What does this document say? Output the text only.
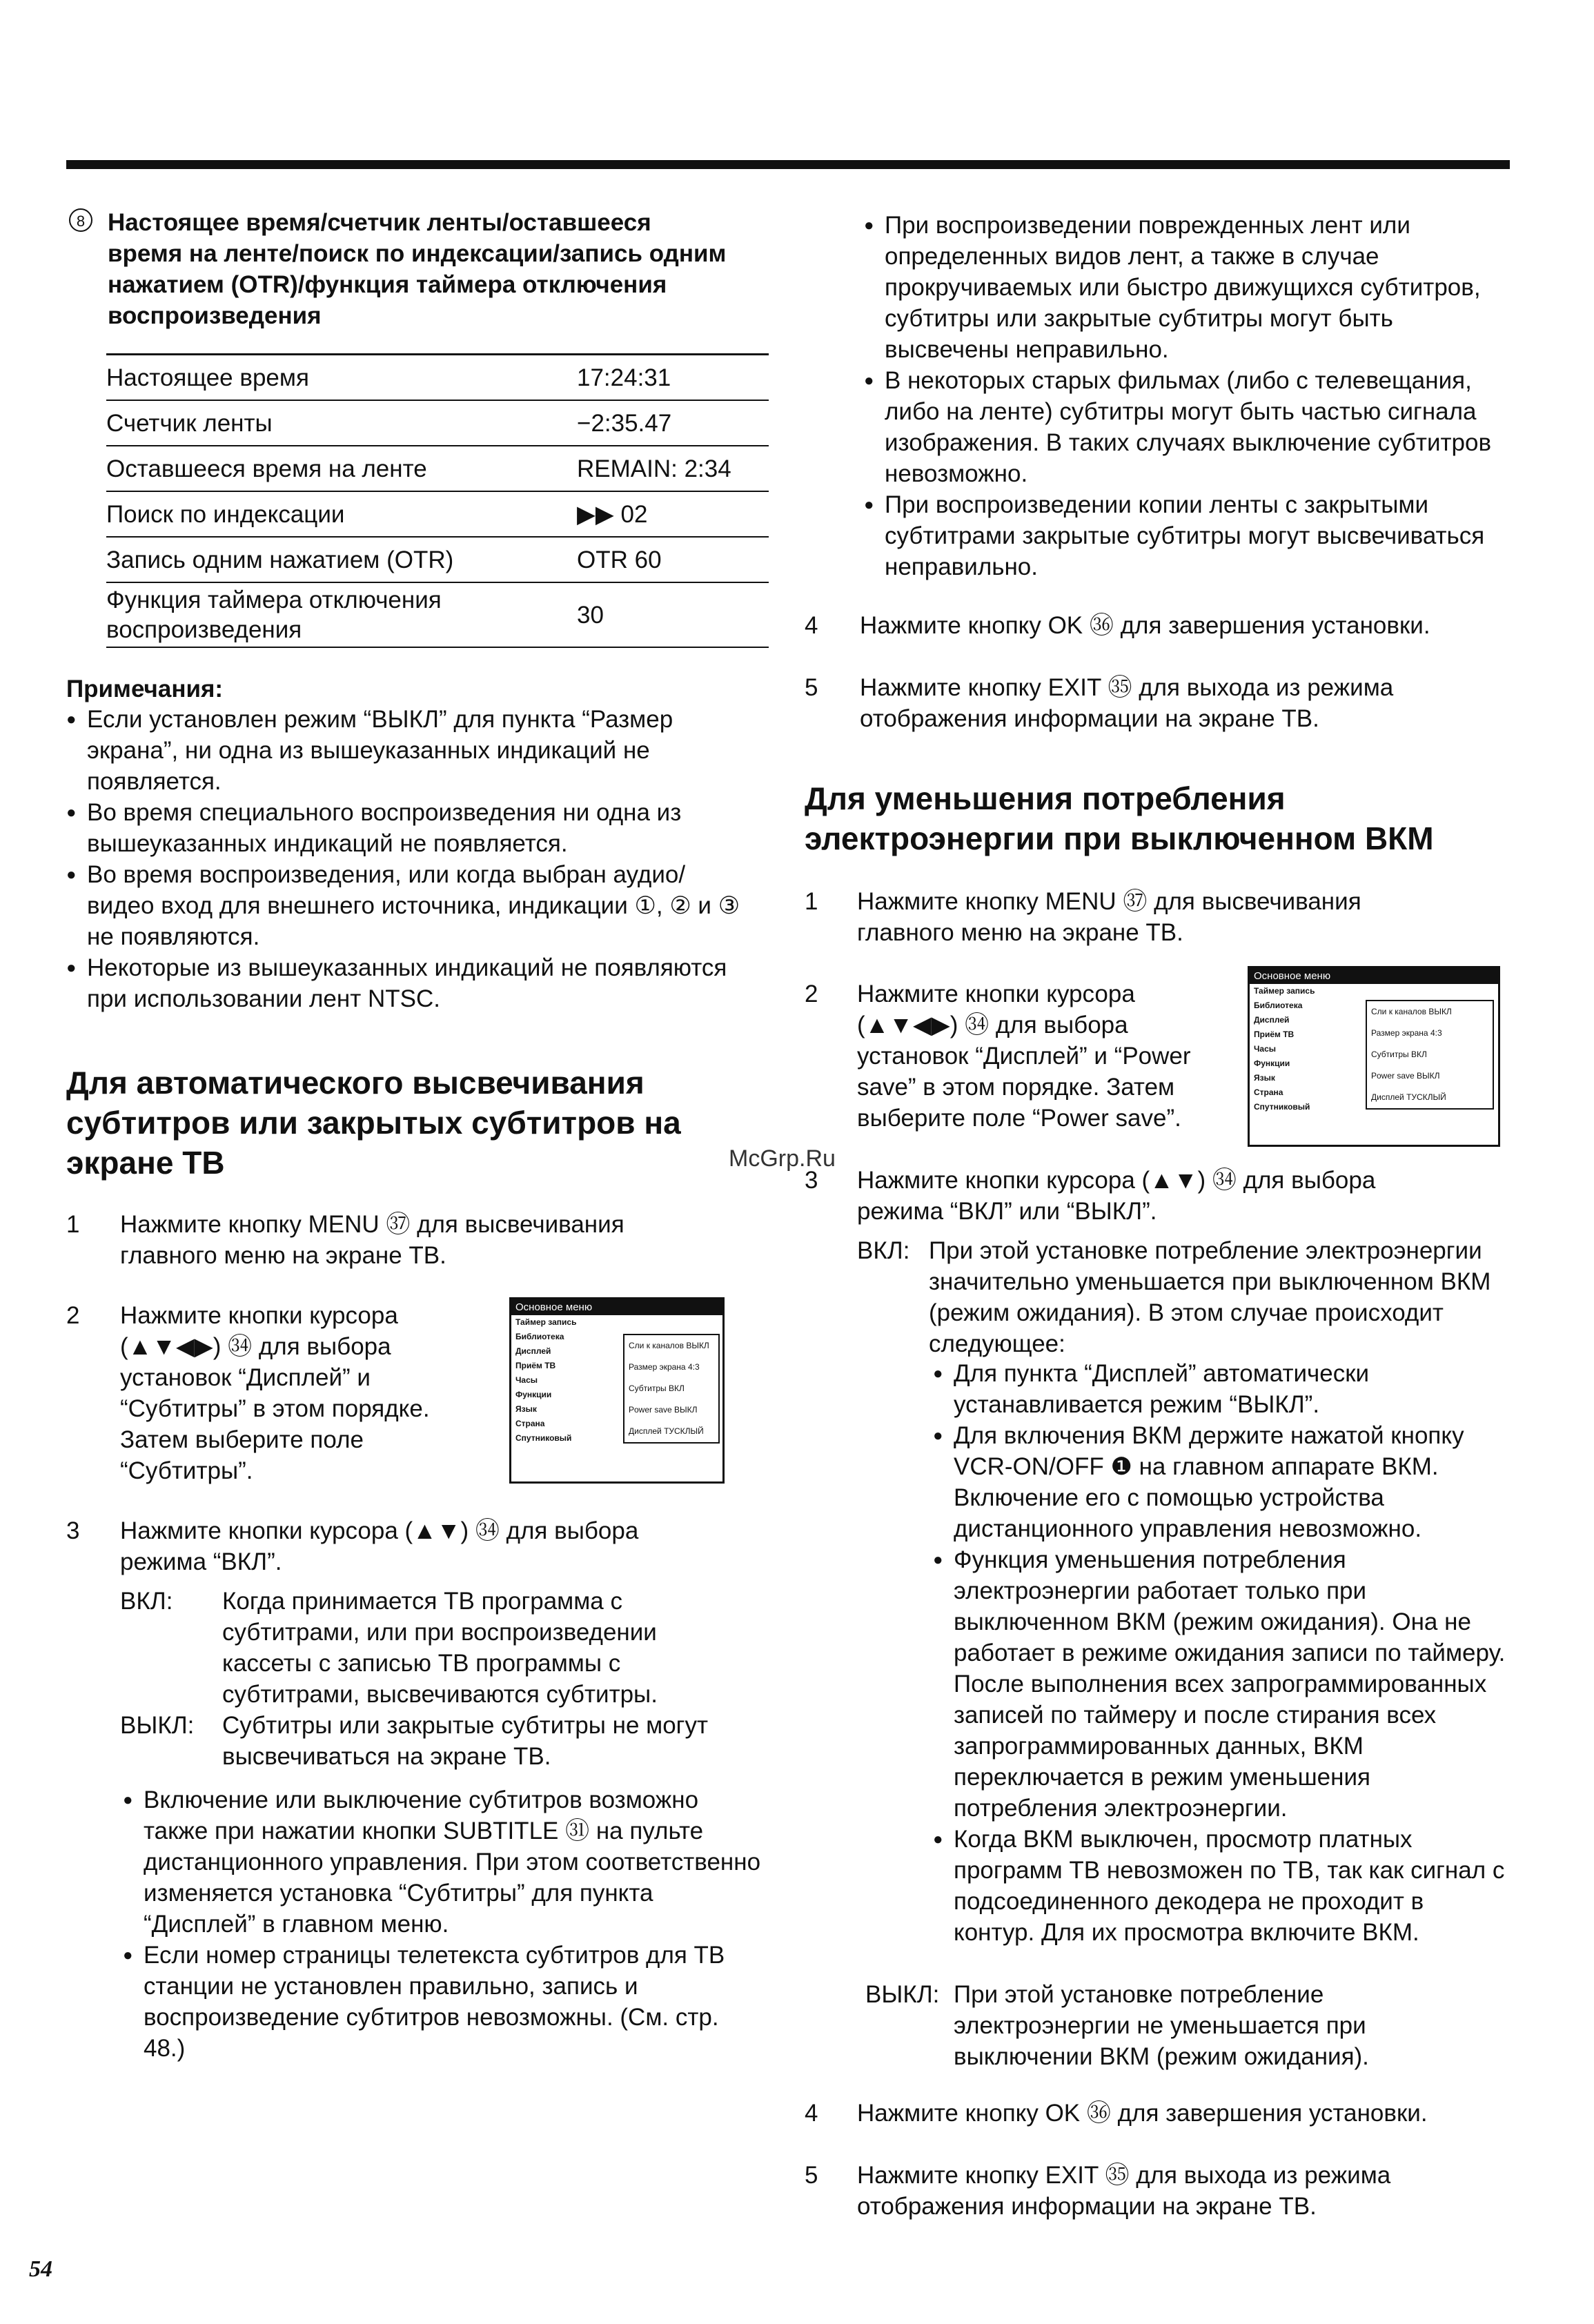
8 Настоящее время/счетчик ленты/оставшееся время на ленте/поиск по индексации/запись одним нажатием (OTR)/функция таймера отключения воспроизведения
Настоящее время	17:24:31
Счетчик ленты	−2:35.47
Оставшееся время на ленте	REMAIN: 2:34
Поиск по индексации	▶▶ 02
Запись одним нажатием (OTR)	OTR 60
Функция таймера отключения воспроизведения	30
Примечания:
● Если установлен режим “ВЫКЛ” для пункта “Размер экрана”, ни одна из вышеуказанных индикаций не появляется.
● Во время специального воспроизведения ни одна из вышеуказанных индикаций не появляется.
● Во время воспроизведения, или когда выбран аудио/видео вход для внешнего источника, индикации ①, ② и ③ не появляются.
● Некоторые из вышеуказанных индикаций не появляются при использовании лент NTSC.
Для автоматического высвечивания субтитров или закрытых субтитров на экране ТВ
1 Нажмите кнопку MENU ㊲ для высвечивания главного меню на экране ТВ.
2 Нажмите кнопки курсора (▲▼◀▶) ㉞ для выбора установок “Дисплей” и “Субтитры” в этом порядке. Затем выберите поле “Субтитры”.
Основное меню
Таймер запись
Библиотека
Дисплей
Приём ТВ
Часы
Функции
Язык
Страна
Спутниковый
Сли к каналов ВЫКЛ
Размер экрана 4:3
Субтитры ВКЛ
Power save ВЫКЛ
Дисплей ТУСКЛЫЙ
3 Нажмите кнопки курсора (▲▼) ㉞ для выбора режима “ВКЛ”.
ВКЛ: Когда принимается ТВ программа с субтитрами, или при воспроизведении кассеты с записью ТВ программы с субтитрами, высвечиваются субтитры.
ВЫКЛ: Субтитры или закрытые субтитры не могут высвечиваться на экране ТВ.
● Включение или выключение субтитров возможно также при нажатии кнопки SUBTITLE ㉛ на пульте дистанционного управления. При этом соответственно изменяется установка “Субтитры” для пункта “Дисплей” в главном меню.
● Если номер страницы телетекста субтитров для ТВ станции не установлен правильно, запись и воспроизведение субтитров невозможны. (См. стр. 48.)
54
McGrp.Ru
● При воспроизведении поврежденных лент или определенных видов лент, а также в случае прокручиваемых или быстро движущихся субтитров, субтитры или закрытые субтитры могут быть высвечены неправильно.
● В некоторых старых фильмах (либо с телевещания, либо на ленте) субтитры могут быть частью сигнала изображения. В таких случаях выключение субтитров невозможно.
● При воспроизведении копии ленты с закрытыми субтитрами закрытые субтитры могут высвечиваться неправильно.
4 Нажмите кнопку OK ㊱ для завершения установки.
5 Нажмите кнопку EXIT ㉟ для выхода из режима отображения информации на экране ТВ.
Для уменьшения потребления электроэнергии при выключенном ВКМ
1 Нажмите кнопку MENU ㊲ для высвечивания главного меню на экране ТВ.
2 Нажмите кнопки курсора (▲▼◀▶) ㉞ для выбора установок “Дисплей” и “Power save” в этом порядке. Затем выберите поле “Power save”.
Основное меню
Таймер запись
Библиотека
Дисплей
Приём ТВ
Часы
Функции
Язык
Страна
Спутниковый
Сли к каналов ВЫКЛ
Размер экрана 4:3
Субтитры ВКЛ
Power save ВЫКЛ
Дисплей ТУСКЛЫЙ
3 Нажмите кнопки курсора (▲▼) ㉞ для выбора режима “ВКЛ” или “ВЫКЛ”.
ВКЛ: При этой установке потребление электроэнергии значительно уменьшается при выключенном ВКМ (режим ожидания). В этом случае происходит следующее:
● Для пункта “Дисплей” автоматически устанавливается режим “ВЫКЛ”.
● Для включения ВКМ держите нажатой кнопку VCR-ON/OFF ❶ на главном аппарате ВКМ. Включение его с помощью устройства дистанционного управления невозможно.
● Функция уменьшения потребления электроэнергии работает только при выключенном ВКМ (режим ожидания). Она не работает в режиме ожидания записи по таймеру. После выполнения всех запрограммированных записей по таймеру и после стирания всех запрограммированных данных, ВКМ переключается в режим уменьшения потребления электроэнергии.
● Когда ВКМ выключен, просмотр платных программ ТВ невозможен по ТВ, так как сигнал с подсоединенного декодера не проходит в контур. Для их просмотра включите ВКМ.
ВЫКЛ: При этой установке потребление электроэнергии не уменьшается при выключении ВКМ (режим ожидания).
4 Нажмите кнопку OK ㊱ для завершения установки.
5 Нажмите кнопку EXIT ㉟ для выхода из режима отображения информации на экране ТВ.
